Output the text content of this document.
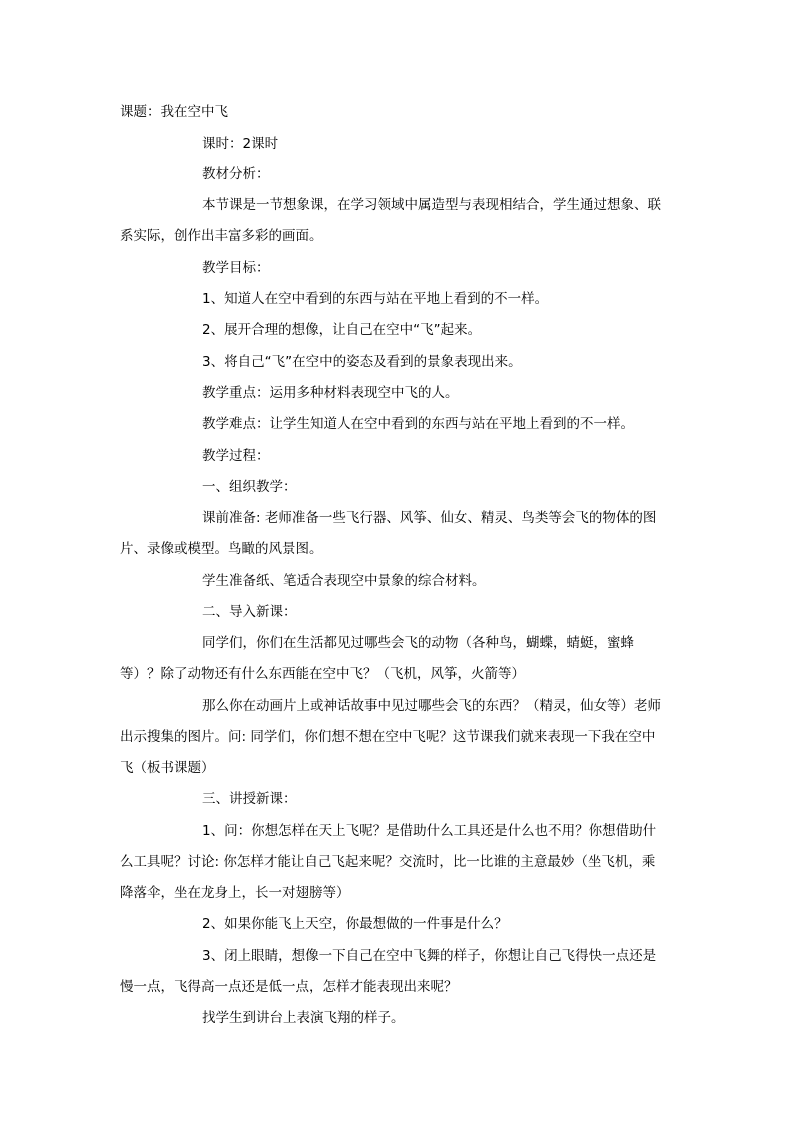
课题：我在空中飞
课时：2课时
教材分析：
本节课是一节想象课，在学习领域中属造型与表现相结合，学生通过想象、联
系实际，创作出丰富多彩的画面。
教学目标：
1、知道人在空中看到的东西与站在平地上看到的不一样。
2、展开合理的想像，让自己在空中“飞”起来。
3、将自己“飞”在空中的姿态及看到的景象表现出来。
教学重点：运用多种材料表现空中飞的人。
教学难点：让学生知道人在空中看到的东西与站在平地上看到的不一样。
教学过程：
一、组织教学：
课前准备: 老师准备一些飞行器、风筝、仙女、精灵、鸟类等会飞的物体的图
片、录像或模型。鸟瞰的风景图。
学生准备纸、笔适合表现空中景象的综合材料。
二、导入新课：
同学们，你们在生活都见过哪些会飞的动物（各种鸟，蝴蝶，蜻蜓，蜜蜂
等）？除了动物还有什么东西能在空中飞？（飞机，风筝，火箭等）
那么你在动画片上或神话故事中见过哪些会飞的东西？（精灵，仙女等）老师
出示搜集的图片。问: 同学们，你们想不想在空中飞呢？这节课我们就来表现一下我在空中
飞（板书课题）
三、讲授新课：
1、问：你想怎样在天上飞呢？是借助什么工具还是什么也不用？你想借助什
么工具呢？讨论: 你怎样才能让自己飞起来呢？交流时，比一比谁的主意最妙（坐飞机，乘
降落伞，坐在龙身上，长一对翅膀等）
2、如果你能飞上天空，你最想做的一件事是什么？
3、闭上眼睛，想像一下自己在空中飞舞的样子，你想让自己飞得快一点还是
慢一点，飞得高一点还是低一点，怎样才能表现出来呢？
找学生到讲台上表演飞翔的样子。
